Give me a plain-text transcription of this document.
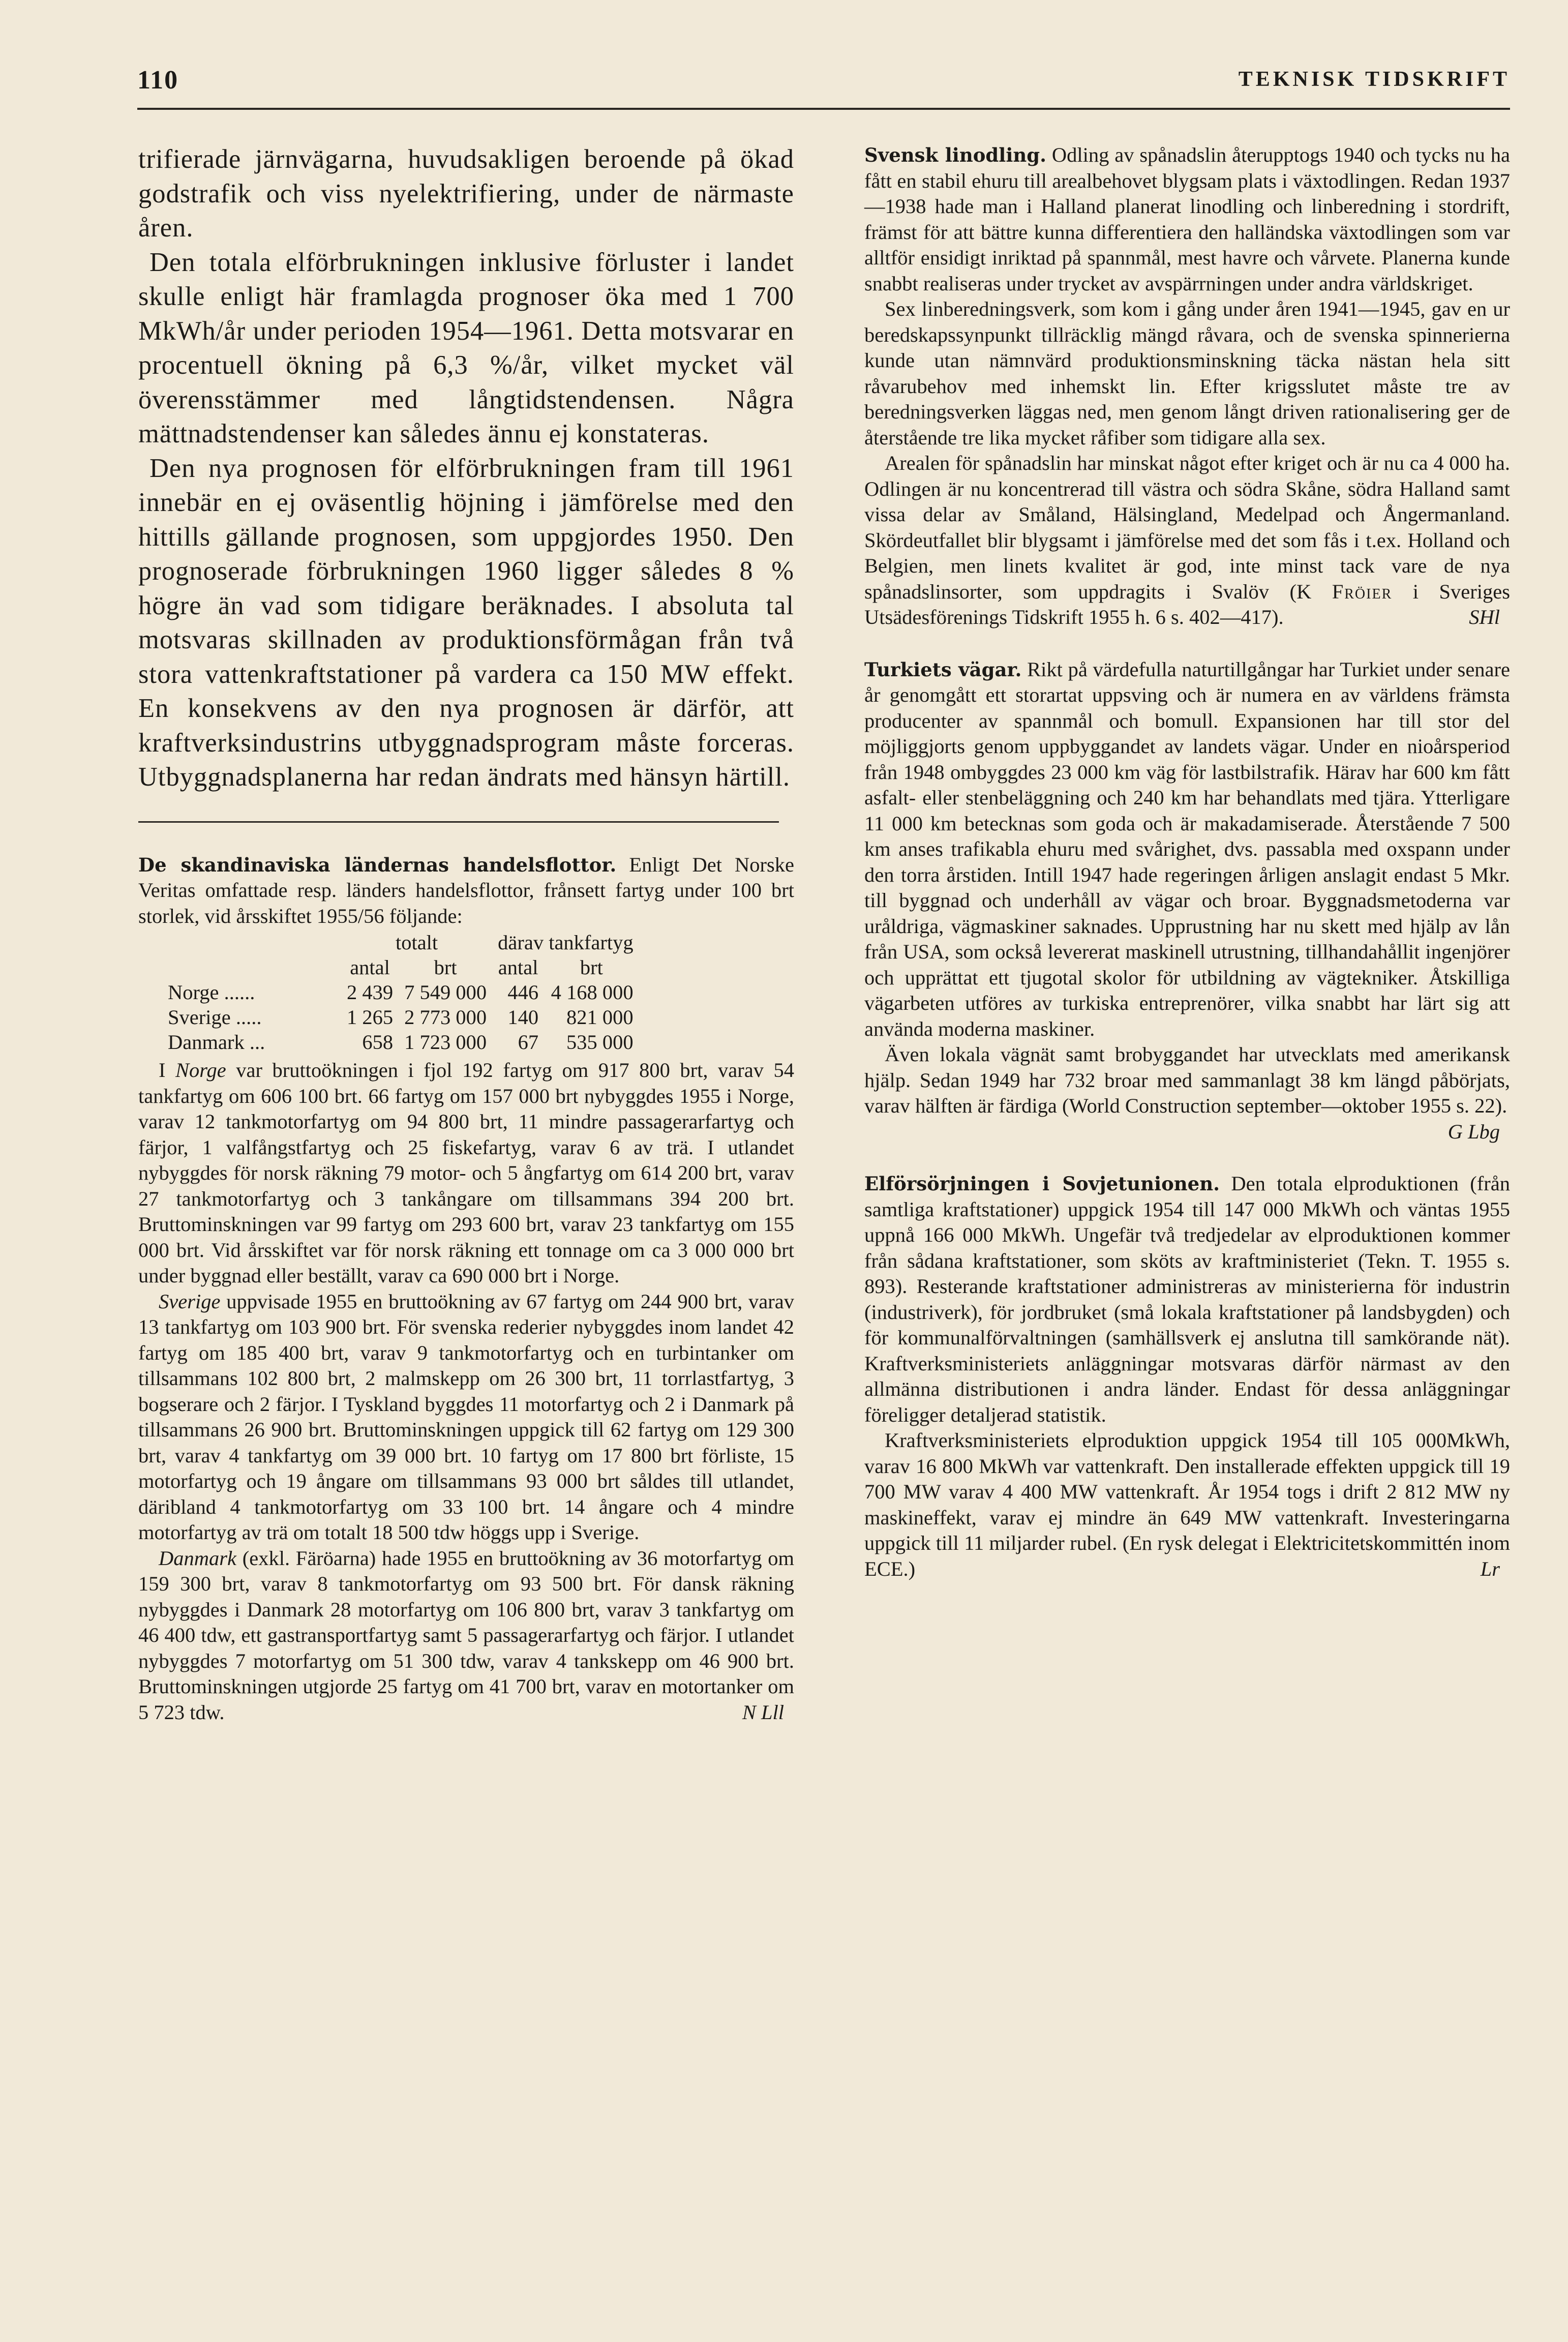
110	TEKNISK TIDSKRIFT

trifierade järnvägarna, huvudsakligen beroende på ökad godstrafik och viss nyelektrifiering, under de närmaste åren.

Den totala elförbrukningen inklusive förluster i landet skulle enligt här framlagda prognoser öka med 1 700 MkWh/år under perioden 1954—1961. Detta motsvarar en procentuell ökning på 6,3 %/år, vilket mycket väl överensstämmer med långtidstendensen. Några mättnadstendenser kan således ännu ej konstateras.

Den nya prognosen för elförbrukningen fram till 1961 innebär en ej oväsentlig höjning i jämförelse med den hittills gällande prognosen, som uppgjordes 1950. Den prognoserade förbrukningen 1960 ligger således 8 % högre än vad som tidigare beräknades. I absoluta tal motsvaras skillnaden av produktionsförmågan från två stora vattenkraftstationer på vardera ca 150 MW effekt. En konsekvens av den nya prognosen är därför, att kraftverksindustrins utbyggnadsprogram måste forceras. Utbyggnadsplanerna har redan ändrats med hänsyn härtill.

De skandinaviska ländernas handelsflottor. Enligt Det Norske Veritas omfattade resp. länders handelsflottor, frånsett fartyg under 100 brt storlek, vid årsskiftet 1955/56 följande:

	totalt		därav tankfartyg	
	antal	brt	antal	brt
Norge ......	2 439	7 549 000	446	4 168 000
Sverige .....	1 265	2 773 000	140	821 000
Danmark ...	658	1 723 000	67	535 000

I Norge var bruttoökningen i fjol 192 fartyg om 917 800 brt, varav 54 tankfartyg om 606 100 brt. 66 fartyg om 157 000 brt nybyggdes 1955 i Norge, varav 12 tankmotorfartyg om 94 800 brt, 11 mindre passagerarfartyg och färjor, 1 valfångstfartyg och 25 fiskefartyg, varav 6 av trä. I utlandet nybyggdes för norsk räkning 79 motor- och 5 ångfartyg om 614 200 brt, varav 27 tankmotorfartyg och 3 tankångare om tillsammans 394 200 brt. Bruttominskningen var 99 fartyg om 293 600 brt, varav 23 tankfartyg om 155 000 brt. Vid årsskiftet var för norsk räkning ett tonnage om ca 3 000 000 brt under byggnad eller beställt, varav ca 690 000 brt i Norge.

Sverige uppvisade 1955 en bruttoökning av 67 fartyg om 244 900 brt, varav 13 tankfartyg om 103 900 brt. För svenska rederier nybyggdes inom landet 42 fartyg om 185 400 brt, varav 9 tankmotorfartyg och en turbintanker om tillsammans 102 800 brt, 2 malmskepp om 26 300 brt, 11 torrlastfartyg, 3 bogserare och 2 färjor. I Tyskland byggdes 11 motorfartyg och 2 i Danmark på tillsammans 26 900 brt. Bruttominskningen uppgick till 62 fartyg om 129 300 brt, varav 4 tankfartyg om 39 000 brt. 10 fartyg om 17 800 brt förliste, 15 motorfartyg och 19 ångare om tillsammans 93 000 brt såldes till utlandet, däribland 4 tankmotorfartyg om 33 100 brt. 14 ångare och 4 mindre motorfartyg av trä om totalt 18 500 tdw höggs upp i Sverige.

Danmark (exkl. Färöarna) hade 1955 en bruttoökning av 36 motorfartyg om 159 300 brt, varav 8 tankmotorfartyg om 93 500 brt. För dansk räkning nybyggdes i Danmark 28 motorfartyg om 106 800 brt, varav 3 tankfartyg om 46 400 tdw, ett gastransportfartyg samt 5 passagerarfartyg och färjor. I utlandet nybyggdes 7 motorfartyg om 51 300 tdw, varav 4 tankskepp om 46 900 brt. Bruttominskningen utgjorde 25 fartyg om 41 700 brt, varav en motortanker om 5 723 tdw.	N Lll

Svensk linodling. Odling av spånadslin återupptogs 1940 och tycks nu ha fått en stabil ehuru till arealbehovet blygsam plats i växtodlingen. Redan 1937—1938 hade man i Halland planerat linodling och linberedning i stordrift, främst för att bättre kunna differentiera den halländska växtodlingen som var alltför ensidigt inriktad på spannmål, mest havre och vårvete. Planerna kunde snabbt realiseras under trycket av avspärrningen under andra världskriget.

Sex linberedningsverk, som kom i gång under åren 1941—1945, gav en ur beredskapssynpunkt tillräcklig mängd råvara, och de svenska spinnerierna kunde utan nämnvärd produktionsminskning täcka nästan hela sitt råvarubehov med inhemskt lin. Efter krigsslutet måste tre av beredningsverken läggas ned, men genom långt driven rationalisering ger de återstående tre lika mycket råfiber som tidigare alla sex.

Arealen för spånadslin har minskat något efter kriget och är nu ca 4 000 ha. Odlingen är nu koncentrerad till västra och södra Skåne, södra Halland samt vissa delar av Småland, Hälsingland, Medelpad och Ångermanland. Skördeutfallet blir blygsamt i jämförelse med det som fås i t.ex. Holland och Belgien, men linets kvalitet är god, inte minst tack vare de nya spånadslinsorter, som uppdragits i Svalöv (K Fröier i Sveriges Utsädesförenings Tidskrift 1955 h. 6 s. 402—417).	SHl

Turkiets vägar. Rikt på värdefulla naturtillgångar har Turkiet under senare år genomgått ett storartat uppsving och är numera en av världens främsta producenter av spannmål och bomull. Expansionen har till stor del möjliggjorts genom uppbyggandet av landets vägar. Under en nioårsperiod från 1948 ombyggdes 23 000 km väg för lastbilstrafik. Härav har 600 km fått asfalt- eller stenbeläggning och 240 km har behandlats med tjära. Ytterligare 11 000 km betecknas som goda och är makadamiserade. Återstående 7 500 km anses trafikabla ehuru med svårighet, dvs. passabla med oxspann under den torra årstiden. Intill 1947 hade regeringen årligen anslagit endast 5 Mkr. till byggnad och underhåll av vägar och broar. Byggnadsmetoderna var uråldriga, vägmaskiner saknades. Upprustning har nu skett med hjälp av lån från USA, som också levererat maskinell utrustning, tillhandahållit ingenjörer och upprättat ett tjugotal skolor för utbildning av vägtekniker. Åtskilliga vägarbeten utföres av turkiska entreprenörer, vilka snabbt har lärt sig att använda moderna maskiner.

Även lokala vägnät samt brobyggandet har utvecklats med amerikansk hjälp. Sedan 1949 har 732 broar med sammanlagt 38 km längd påbörjats, varav hälften är färdiga (World Construction september—oktober 1955 s. 22).

G Lbg

Elförsörjningen i Sovjetunionen. Den totala elproduktionen (från samtliga kraftstationer) uppgick 1954 till 147 000 MkWh och väntas 1955 uppnå 166 000 MkWh. Ungefär två tredjedelar av elproduktionen kommer från sådana kraftstationer, som sköts av kraftministeriet (Tekn. T. 1955 s. 893). Resterande kraftstationer administreras av ministerierna för industrin (industriverk), för jordbruket (små lokala kraftstationer på landsbygden) och för kommunalförvaltningen (samhällsverk ej anslutna till samkörande nät). Kraftverksministeriets anläggningar motsvaras därför närmast av den allmänna distributionen i andra länder. Endast för dessa anläggningar föreligger detaljerad statistik.

Kraftverksministeriets elproduktion uppgick 1954 till 105 000MkWh, varav 16 800 MkWh var vattenkraft. Den installerade effekten uppgick till 19 700 MW varav 4 400 MW vattenkraft. År 1954 togs i drift 2 812 MW ny maskineffekt, varav ej mindre än 649 MW vattenkraft. Investeringarna uppgick till 11 miljarder rubel. (En rysk delegat i Elektricitetskommittén inom ECE.)	Lr
